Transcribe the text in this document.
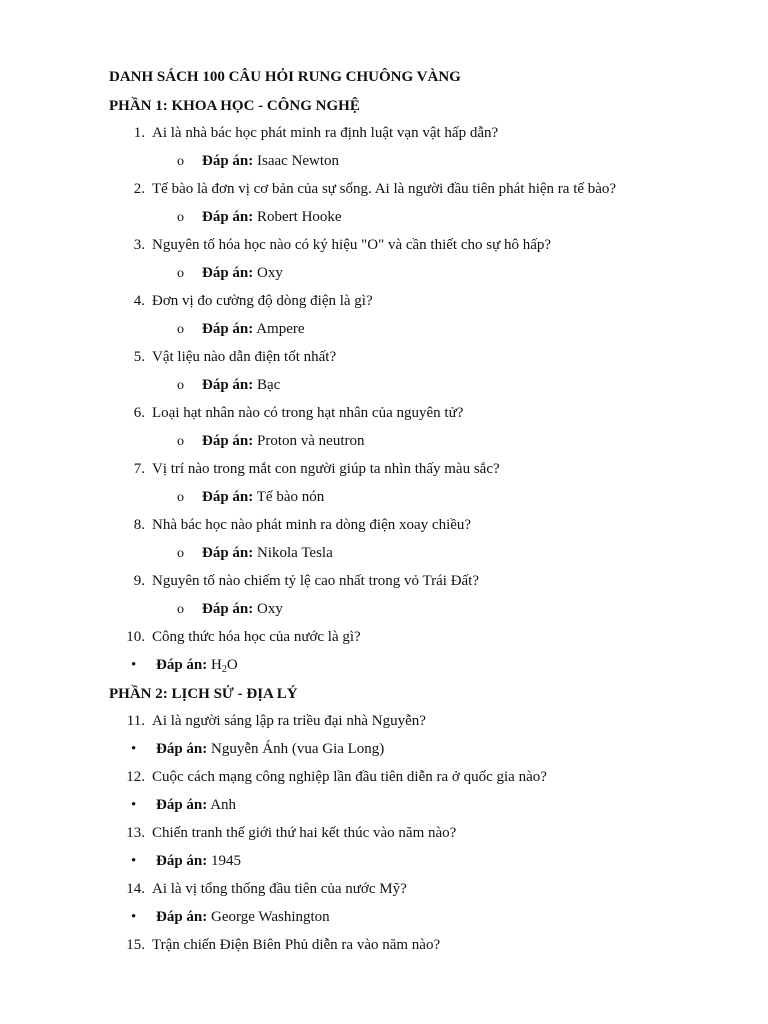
DANH SÁCH 100 CÂU HỎI RUNG CHUÔNG VÀNG
PHẦN 1: KHOA HỌC - CÔNG NGHỆ
1. Ai là nhà bác học phát minh ra định luật vạn vật hấp dẫn?
o Đáp án: Isaac Newton
2. Tế bào là đơn vị cơ bản của sự sống. Ai là người đầu tiên phát hiện ra tế bào?
o Đáp án: Robert Hooke
3. Nguyên tố hóa học nào có ký hiệu "O" và cần thiết cho sự hô hấp?
o Đáp án: Oxy
4. Đơn vị đo cường độ dòng điện là gì?
o Đáp án: Ampere
5. Vật liệu nào dẫn điện tốt nhất?
o Đáp án: Bạc
6. Loại hạt nhân nào có trong hạt nhân của nguyên tử?
o Đáp án: Proton và neutron
7. Vị trí nào trong mắt con người giúp ta nhìn thấy màu sắc?
o Đáp án: Tế bào nón
8. Nhà bác học nào phát minh ra dòng điện xoay chiều?
o Đáp án: Nikola Tesla
9. Nguyên tố nào chiếm tỷ lệ cao nhất trong vỏ Trái Đất?
o Đáp án: Oxy
10. Công thức hóa học của nước là gì?
• Đáp án: $H_2O$
PHẦN 2: LỊCH SỬ - ĐỊA LÝ
11. Ai là người sáng lập ra triều đại nhà Nguyễn?
• Đáp án: Nguyễn Ánh (vua Gia Long)
12. Cuộc cách mạng công nghiệp lần đầu tiên diễn ra ở quốc gia nào?
• Đáp án: Anh
13. Chiến tranh thế giới thứ hai kết thúc vào năm nào?
• Đáp án: 1945
14. Ai là vị tổng thống đầu tiên của nước Mỹ?
• Đáp án: George Washington
15. Trận chiến Điện Biên Phủ diễn ra vào năm nào?
